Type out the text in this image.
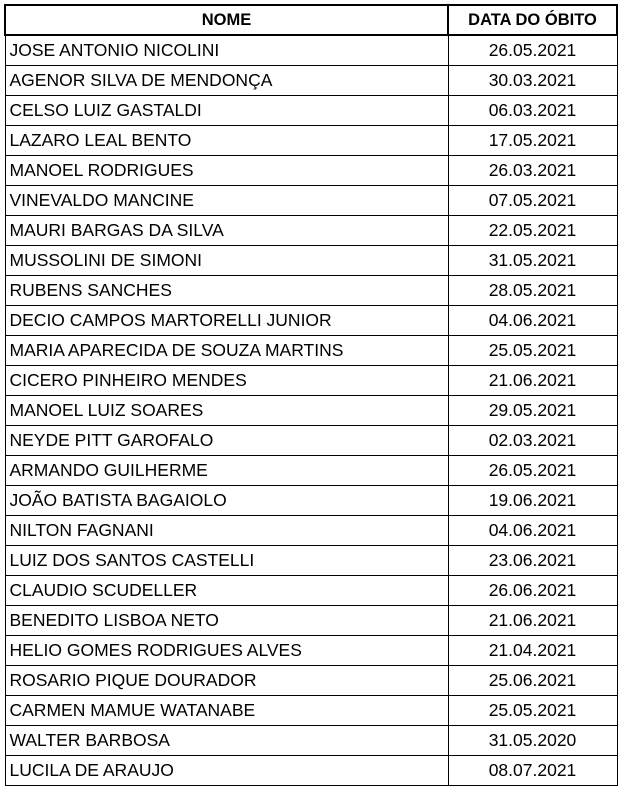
NOME	DATA DO ÓBITO
JOSE ANTONIO NICOLINI	26.05.2021
AGENOR SILVA DE MENDONÇA	30.03.2021
CELSO LUIZ GASTALDI	06.03.2021
LAZARO LEAL BENTO	17.05.2021
MANOEL RODRIGUES	26.03.2021
VINEVALDO MANCINE	07.05.2021
MAURI BARGAS DA SILVA	22.05.2021
MUSSOLINI DE SIMONI	31.05.2021
RUBENS SANCHES	28.05.2021
DECIO CAMPOS MARTORELLI JUNIOR	04.06.2021
MARIA APARECIDA DE SOUZA MARTINS	25.05.2021
CICERO PINHEIRO MENDES	21.06.2021
MANOEL LUIZ SOARES	29.05.2021
NEYDE PITT GAROFALO	02.03.2021
ARMANDO GUILHERME	26.05.2021
JOÃO BATISTA BAGAIOLO	19.06.2021
NILTON FAGNANI	04.06.2021
LUIZ DOS SANTOS CASTELLI	23.06.2021
CLAUDIO SCUDELLER	26.06.2021
BENEDITO LISBOA NETO	21.06.2021
HELIO GOMES RODRIGUES ALVES	21.04.2021
ROSARIO PIQUE DOURADOR	25.06.2021
CARMEN MAMUE WATANABE	25.05.2021
WALTER BARBOSA	31.05.2020
LUCILA DE ARAUJO	08.07.2021
